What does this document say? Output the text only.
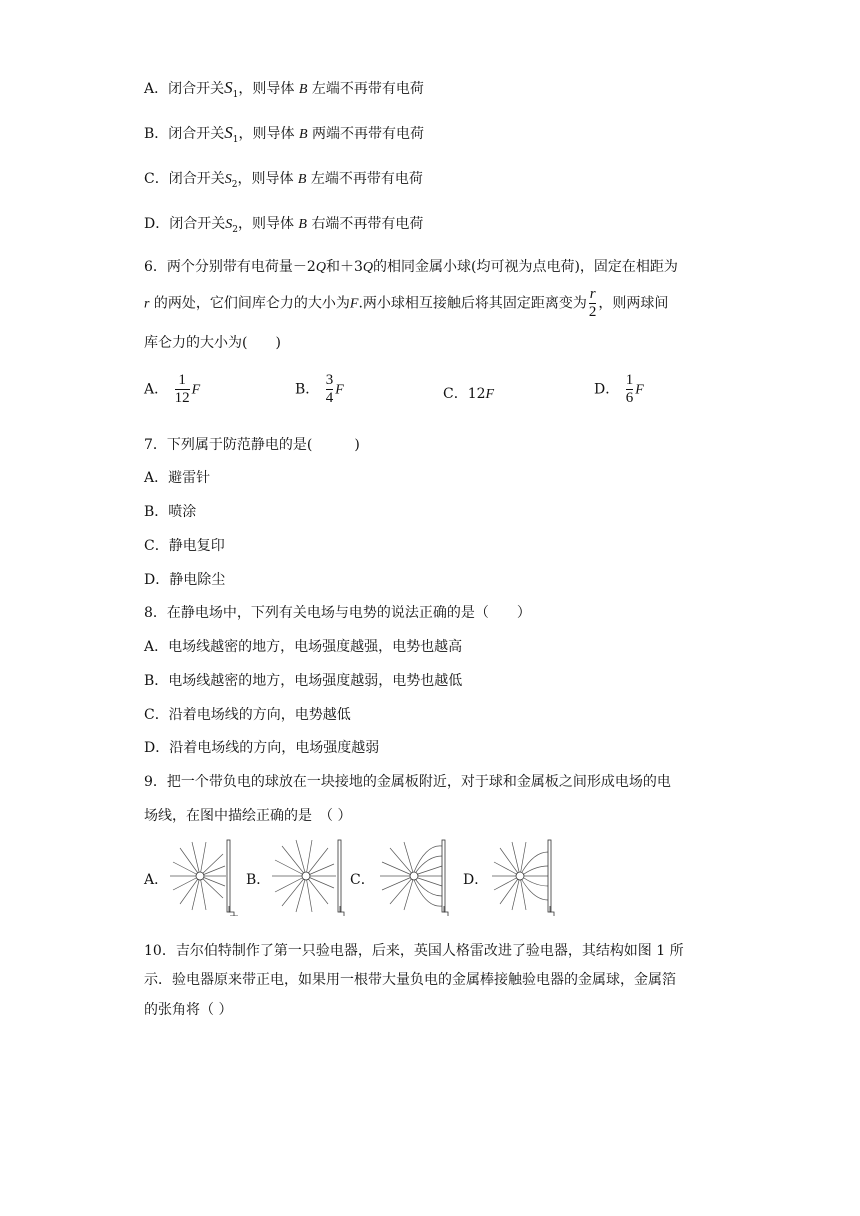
A．闭合开关$S_1$，则导体 B 左端不再带有电荷
B．闭合开关$S_1$，则导体 B 两端不再带有电荷
C．闭合开关$S_2$，则导体 B 左端不再带有电荷
D．闭合开关$S_2$，则导体 B 右端不再带有电荷
6．两个分别带有电荷量－2Q和＋3Q的相同金属小球(均可视为点电荷)，固定在相距为
r 的两处，它们间库仑力的大小为F.两小球相互接触后将其固定距离变为 $\frac{r}{2}$ ，则两球间
库仑力的大小为(　　)
A． $\frac{1}{12}$ F	B． $\frac{3}{4}$ F	C．12F	D． $\frac{1}{6}$ F
7．下列属于防范静电的是(　　　)
A．避雷针
B．喷涂
C．静电复印
D．静电除尘
8．在静电场中，下列有关电场与电势的说法正确的是（　　）
A．电场线越密的地方，电场强度越强，电势也越高
B．电场线越密的地方，电场强度越弱，电势也越低
C．沿着电场线的方向，电势越低
D．沿着电场线的方向，电场强度越弱
9．把一个带负电的球放在一块接地的金属板附近，对于球和金属板之间形成电场的电
场线，在图中描绘正确的是　（ ）
A．	B．	C．	D．
10．吉尔伯特制作了第一只验电器，后来，英国人格雷改进了验电器，其结构如图 1 所
示．验电器原来带正电，如果用一根带大量负电的金属棒接触验电器的金属球，金属箔
的张角将（ ）
